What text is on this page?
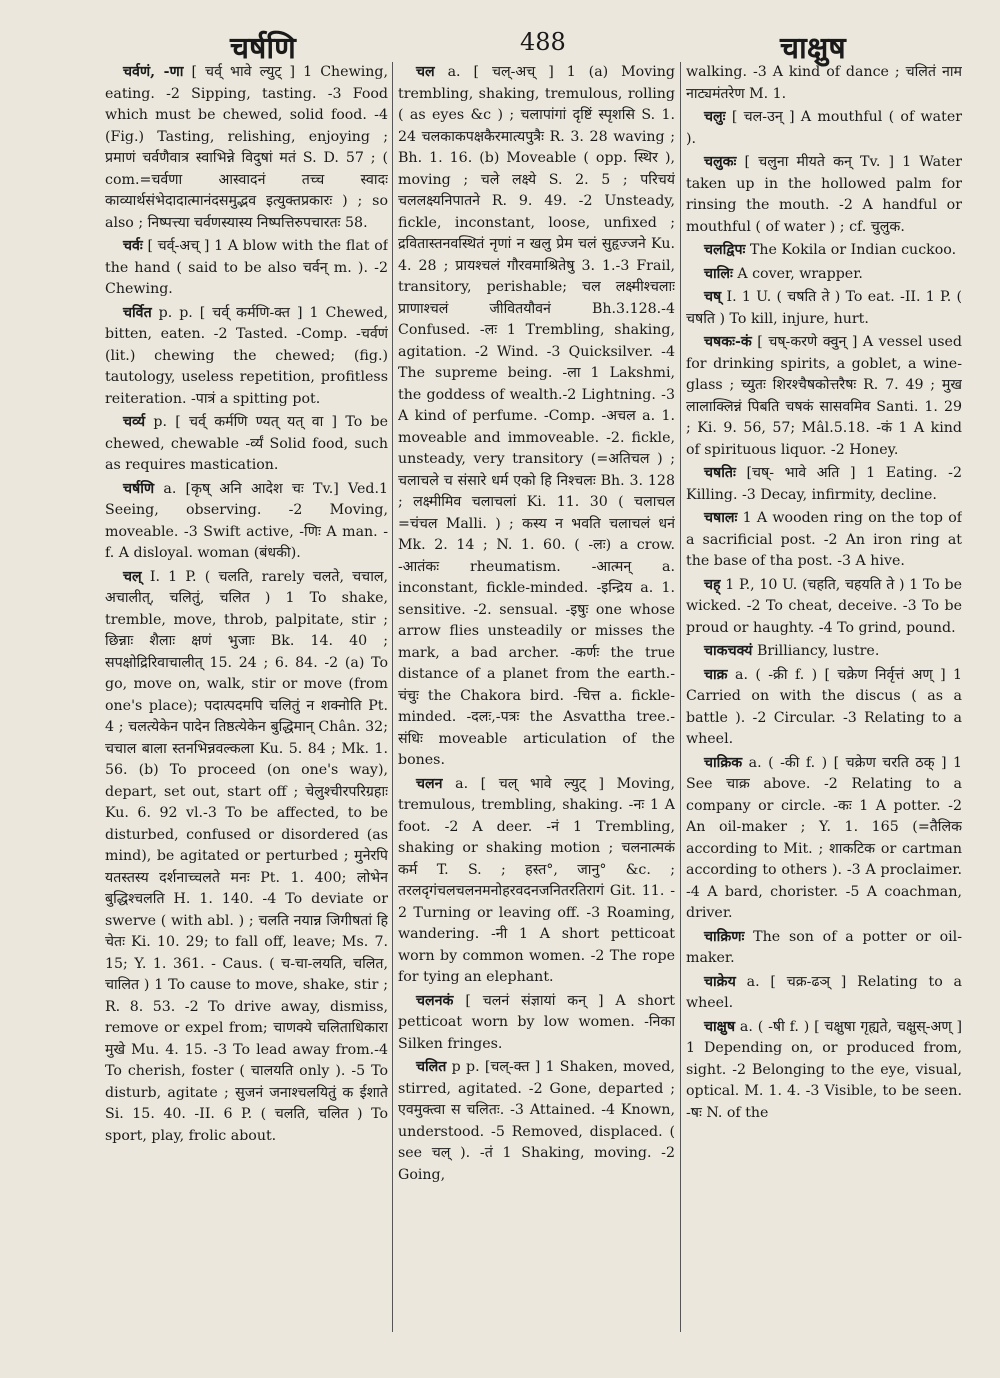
चर्षणि	488	चाक्षुष

चर्वणं, -णा [ चर्व् भावे ल्युट् ] 1 Chewing, eating. -2 Sipping, tasting. -3 Food which must be chewed, solid food. -4 (Fig.) Tasting, relishing, enjoying ; प्रमाणं चर्वणैवात्र स्वाभिन्ने विदुषां मतं S. D. 57 ; ( com.=चर्वणा आस्वादनं तच्च स्वादः काव्यार्थसंभेदादात्मानंदसमुद्भव इत्युक्तप्रकारः ) ; so also ; निष्पत्त्या चर्वणस्यास्य निष्पत्तिरुपचारतः 58.

चर्वः [ चर्व्-अच् ] 1 A blow with the flat of the hand ( said to be also चर्वन् m. ). -2 Chewing.

चर्वित p. p. [ चर्व् कर्मणि-क्त ] 1 Chewed, bitten, eaten. -2 Tasted. -Comp. -चर्वणं (lit.) chewing the chewed; (fig.) tautology, useless repetition, profitless reiteration. -पात्रं a spitting pot.

चर्व्य p. [ चर्व् कर्मणि ण्यत् यत् वा ] To be chewed, chewable -र्व्यं Solid food, such as requires mastication.

चर्षणि a. [कृष् अनि आदेश चः Tv.] Ved.1 Seeing, observing. -2 Moving, moveable. -3 Swift active, -णिः A man. -f. A disloyal. woman (बंधकी).

चल् I. 1 P. ( चलति, rarely चलते, चचाल, अचालीत्, चलितुं, चलित ) 1 To shake, tremble, move, throb, palpitate, stir ; छिन्नाः शैलाः क्षणं भुजाः Bk. 14. 40 ; सपक्षोद्रिरिवाचालीत् 15. 24 ; 6. 84. -2 (a) To go, move on, walk, stir or move (from one's place); पदात्पदमपि चलितुं न शक्नोति Pt. 4 ; चलत्येकेन पादेन तिष्ठत्येकेन बुद्धिमान् Chân. 32; चचाल बाला स्तनभिन्नवल्कला Ku. 5. 84 ; Mk. 1. 56. (b) To proceed (on one's way), depart, set out, start off ; चेलुश्चीरपरिग्रहाः Ku. 6. 92 vl.-3 To be affected, to be disturbed, confused or disordered (as mind), be agitated or perturbed ; मुनेरपि यतस्तस्य दर्शनाच्चलते मनः Pt. 1. 400; लोभेन बुद्धिश्चलति H. 1. 140. -4 To deviate or swerve ( with abl. ) ; चलति नयान्न जिगीषतां हि चेतः Ki. 10. 29; to fall off, leave; Ms. 7. 15; Y. 1. 361. - Caus. ( च-चा-लयति, चलित, चालित ) 1 To cause to move, shake, stir ; R. 8. 53. -2 To drive away, dismiss, remove or expel from; चाणक्ये चलिताधिकारा मुखे Mu. 4. 15. -3 To lead away from.-4 To cherish, foster ( चालयति only ). -5 To disturb, agitate ; सुजनं जनाश्चलयितुं क ईशाते Si. 15. 40. -II. 6 P. ( चलति, चलित ) To sport, play, frolic about.

चल a. [ चल्-अच् ] 1 (a) Moving trembling, shaking, tremulous, rolling ( as eyes &c ) ; चलापांगां दृष्टिं स्पृशसि S. 1. 24 चलकाकपक्षकैरमात्यपुत्रैः R. 3. 28 waving ; Bh. 1. 16. (b) Moveable ( opp. स्थिर ), moving ; चले लक्ष्ये S. 2. 5 ; परिचयं चललक्ष्यनिपातने R. 9. 49. -2 Unsteady, fickle, inconstant, loose, unfixed ; द्रवितास्तनवस्थितं नृणां न खलु प्रेम चलं सुहृज्जने Ku. 4. 28 ; प्रायश्चलं गौरवमाश्रितेषु 3. 1.-3 Frail, transitory, perishable; चल लक्ष्मीश्चलाः प्राणाश्चलं जीवितयौवनं Bh.3.128.-4 Confused. -लः 1 Trembling, shaking, agitation. -2 Wind. -3 Quicksilver. -4 The supreme being. -ला 1 Lakshmi, the goddess of wealth.-2 Lightning. -3 A kind of perfume. -Comp. -अचल a. 1. moveable and immoveable. -2. fickle, unsteady, very transitory (=अतिचल ) ; चलाचले च संसारे धर्म एको हि निश्चलः Bh. 3. 128 ; लक्ष्मीमिव चलाचलां Ki. 11. 30 ( चलाचल =चंचल Malli. ) ; कस्य न भवति चलाचलं धनं Mk. 2. 14 ; N. 1. 60. ( -लः) a crow. -आतंकः rheumatism. -आत्मन् a. inconstant, fickle-minded. -इन्द्रिय a. 1. sensitive. -2. sensual. -इषुः one whose arrow flies unsteadily or misses the mark, a bad archer. -कर्णः the true distance of a planet from the earth.-चंचुः the Chakora bird. -चित्त a. fickle-minded. -दलः,-पत्रः the Asvattha tree.-संधिः moveable articulation of the bones.

चलन a. [ चल् भावे ल्युट् ] Moving, tremulous, trembling, shaking. -नः 1 A foot. -2 A deer. -नं 1 Trembling, shaking or shaking motion ; चलनात्मकं कर्म T. S. ; हस्त°, जानु° &c. ; तरलदृगंचलचलनमनोहरवदनजनितरतिरागं Git. 11. - 2 Turning or leaving off. -3 Roaming, wandering. -नी 1 A short petticoat worn by common women. -2 The rope for tying an elephant.

चलनकं [ चलनं संज्ञायां कन् ] A short petticoat worn by low women. -निका Silken fringes.

चलित p p. [चल्-क्त ] 1 Shaken, moved, stirred, agitated. -2 Gone, departed ; एवमुक्त्वा स चलितः. -3 Attained. -4 Known, understood. -5 Removed, displaced. ( see चल् ). -तं 1 Shaking, moving. -2 Going,

walking. -3 A kind of dance ; चलितं नाम नाट्यमंतरेण M. 1.

चलुः [ चल-उन् ] A mouthful ( of water ).

चलुकः [ चलुना मीयते कन् Tv. ] 1 Water taken up in the hollowed palm for rinsing the mouth. -2 A handful or mouthful ( of water ) ; cf. चुलुक.

चलद्विपः The Kokila or Indian cuckoo.

चालिः A cover, wrapper.

चष् I. 1 U. ( चषति ते ) To eat. -II. 1 P. ( चषति ) To kill, injure, hurt.

चषकः-कं [ चष्-करणे क्वुन् ] A vessel used for drinking spirits, a goblet, a wine-glass ; च्युतः शिरश्चैषकोत्तरैषः R. 7. 49 ; मुख लालाक्लिन्नं पिबति चषकं सासवमिव Santi. 1. 29 ; Ki. 9. 56, 57; Mâl.5.18. -कं 1 A kind of spirituous liquor. -2 Honey.

चषतिः [चष्- भावे अति ] 1 Eating. -2 Killing. -3 Decay, infirmity, decline.

चषालः 1 A wooden ring on the top of a sacrificial post. -2 An iron ring at the base of tha post. -3 A hive.

चह् 1 P., 10 U. (चहति, चहयति ते ) 1 To be wicked. -2 To cheat, deceive. -3 To be proud or haughty. -4 To grind, pound.

चाकचक्यं Brilliancy, lustre.

चाक्र a. ( -क्री f. ) [ चक्रेण निर्वृत्तं अण् ] 1 Carried on with the discus ( as a battle ). -2 Circular. -3 Relating to a wheel.

चाक्रिक a. ( -की f. ) [ चक्रेण चरति ठक् ] 1 See चाक्र above. -2 Relating to a company or circle. -कः 1 A potter. -2 An oil-maker ; Y. 1. 165 (=तैलिक according to Mit. ; शाकटिक or cartman according to others ). -3 A proclaimer. -4 A bard, chorister. -5 A coachman, driver.

चाक्रिणः The son of a potter or oil-maker.

चाक्रेय a. [ चक्र-ढञ् ] Relating to a wheel.

चाक्षुष a. ( -षी f. ) [ चक्षुषा गृह्यते, चक्षुस्-अण् ] 1 Depending on, or produced from, sight. -2 Belonging to the eye, visual, optical. M. 1. 4. -3 Visible, to be seen. -षः N. of the
